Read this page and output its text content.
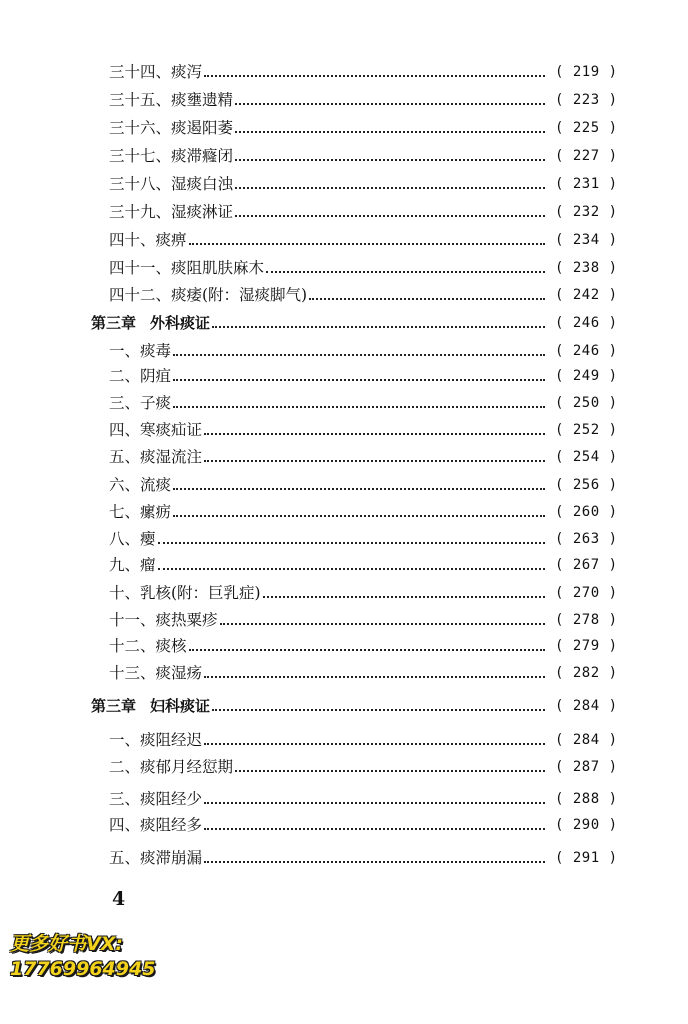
三十四、痰泻	( 219 )
三十五、痰壅遗精	( 223 )
三十六、痰遏阳萎	( 225 )
三十七、痰滞癃闭	( 227 )
三十八、湿痰白浊	( 231 )
三十九、湿痰淋证	( 232 )
四十、痰痹	( 234 )
四十一、痰阻肌肤麻木	( 238 )
四十二、痰痿(附：湿痰脚气)	( 242 )
第三章 外科痰证	( 246 )
一、痰毒	( 246 )
二、阴疽	( 249 )
三、子痰	( 250 )
四、寒痰疝证	( 252 )
五、痰湿流注	( 254 )
六、流痰	( 256 )
七、瘰疬	( 260 )
八、瘿	( 263 )
九、瘤	( 267 )
十、乳核(附：巨乳症)	( 270 )
十一、痰热粟疹	( 278 )
十二、痰核	( 279 )
十三、痰湿疡	( 282 )
第三章 妇科痰证	( 284 )
一、痰阻经迟	( 284 )
二、痰郁月经愆期	( 287 )
三、痰阻经少	( 288 )
四、痰阻经多	( 290 )
五、痰滞崩漏	( 291 )
4
更多好书VX:
17769964945
